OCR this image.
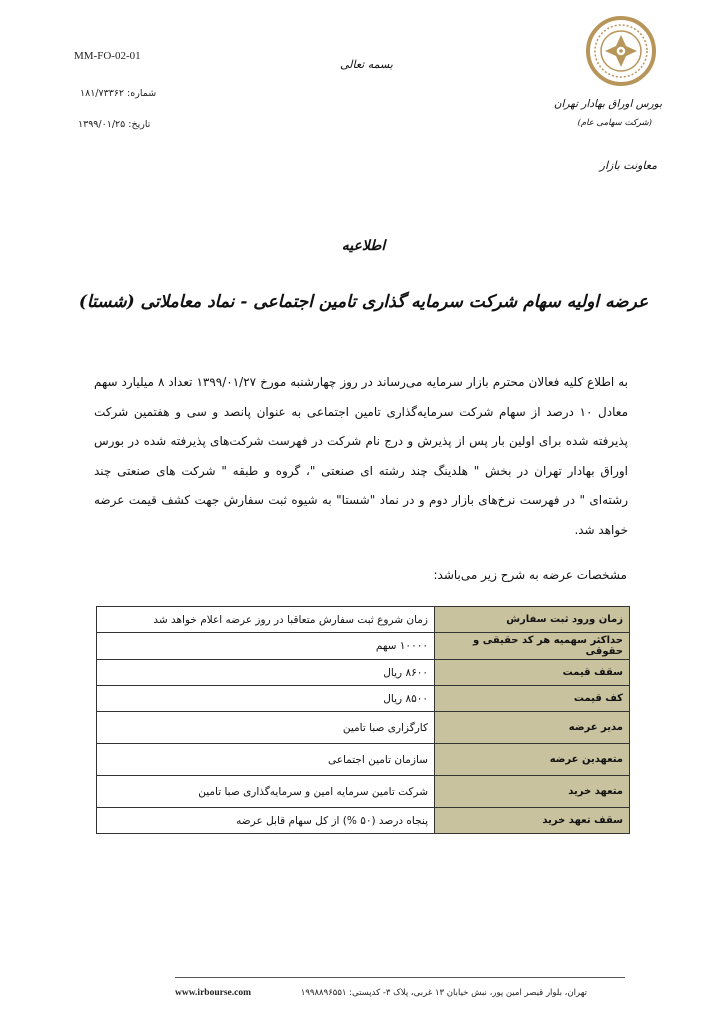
MM-FO-02-01
شماره: ۱۸۱/۷۳۳۶۲
تاریخ: ۱۳۹۹/۰۱/۲۵
بسمه تعالی
بورس اوراق بهادار تهران
(شرکت سهامی عام)
معاونت بازار
اطلاعیه
عرضه اولیه سهام شرکت سرمایه گذاری تامین اجتماعی - نماد معاملاتی (شستا)

به اطلاع کلیه فعالان محترم بازار سرمایه می‌رساند در روز چهارشنبه مورخ ۱۳۹۹/۰۱/۲۷ تعداد ۸ میلیارد سهم معادل ۱۰ درصد از سهام شرکت سرمایه‌گذاری تامین اجتماعی به عنوان پانصد و سی و هفتمین شرکت پذیرفته شده برای اولین بار پس از پذیرش و درج نام شرکت در فهرست شرکت‌های پذیرفته شده در بورس اوراق بهادار تهران در بخش " هلدینگ چند رشته ای صنعتی "، گروه و طبقه " شرکت های صنعتی چند رشته‌ای " در فهرست نرخ‌های بازار دوم و در نماد "شستا" به شیوه ثبت سفارش جهت کشف قیمت عرضه خواهد شد.

مشخصات عرضه به شرح زیر می‌باشد:
زمان ورود ثبت سفارش	زمان شروع ثبت سفارش متعاقبا در روز عرضه اعلام خواهد شد
حداکثر سهمیه هر کد حقیقی و حقوقی	۱۰۰۰۰ سهم
سقف قیمت	۸۶۰۰ ریال
کف قیمت	۸۵۰۰ ریال
مدیر عرضه	کارگزاری صبا تامین
متعهدین عرضه	سازمان تامین اجتماعی
متعهد خرید	شرکت تامین سرمایه امین و سرمایه‌گذاری صبا تامین
سقف تعهد خرید	پنجاه درصد (۵۰ %) از کل سهام قابل عرضه
تهران، بلوار قیصر امین پور، نبش خیابان ۱۳ غربی، پلاک ۳- کدپستی: ۱۹۹۸۸۹۶۵۵۱
www.irbourse.com
